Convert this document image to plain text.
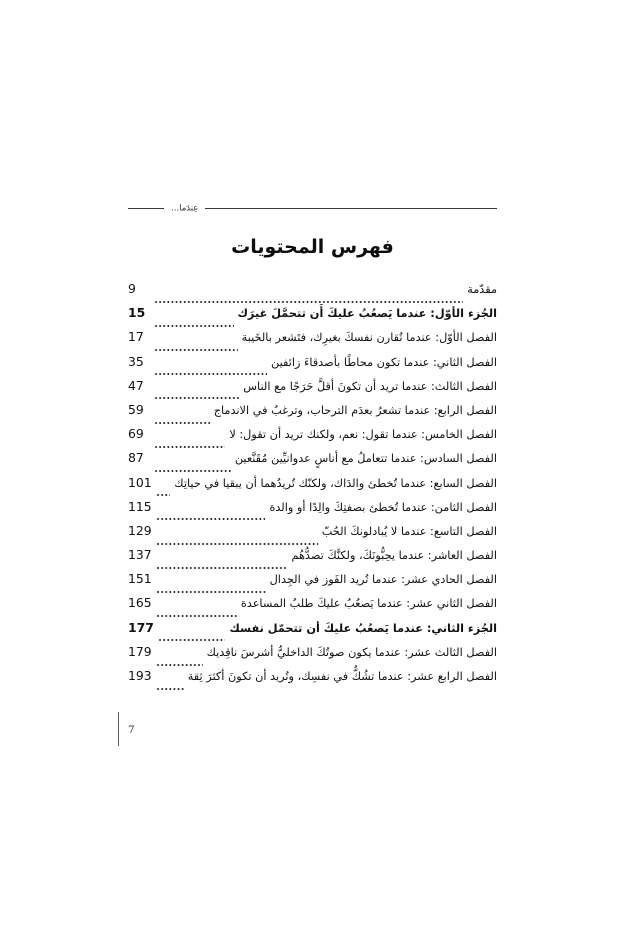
عِندَما...
فهرس المحتويات
مقدّمة
9
الجُزء الأوّل: عندما يَصعُبُ عليكَ أَن تتحمَّلَ غيرَك
15
الفصل الأوّل: عندما تُقارن نفسكَ بغيرِك، فتَشعر بالخَيبة
17
الفصل الثاني: عندما تكون محاطًا بأصدقاءَ زائفين
35
الفصل الثالث: عندما تريد أن تكونَ أقلَّ حَرَجًا مع الناس
47
الفصل الرابع: عندما تشعرُ بعدَم الترحاب، وترغبُ في الاندماج
59
الفصل الخامس: عندما تقول: نعم، ولكنك تريد أن تقول: لا
69
الفصل السادس: عندما تتعاملُ مع أناسٍ عدوانيِّين مُقَنَّعين
87
الفصل السابع: عندما تُخطئ والدَاك، ولكنّك تُريدُهما أن يبقيا في حياتِك
101
الفصل الثامن: عندما تُخطئ بصفتِكَ والِدًا أو والدة
115
الفصل التاسع: عندما لا يُبادلونكَ الحُبّ
129
الفصل العاشر: عندما يحِبُّونَكَ، ولكنَّكَ تصدُّهُم
137
الفصل الحادي عشر: عندما تُريد الفَوز في الجِدال
151
الفصل الثاني عشر: عندما يَصعُبُ عليكَ طلبُ المساعدة
165
الجُزء الثاني: عندما يَصعُبُ عليكَ أن تتحمّل نفسك
177
الفصل الثالث عشر: عندما يكون صوتُكَ الداخليُّ أشرسَ ناقِديك
179
الفصل الرابع عشر: عندما تشُكُّ في نفسِك، وتُريد أن تكونَ أكثرَ ثِقة
193
7
